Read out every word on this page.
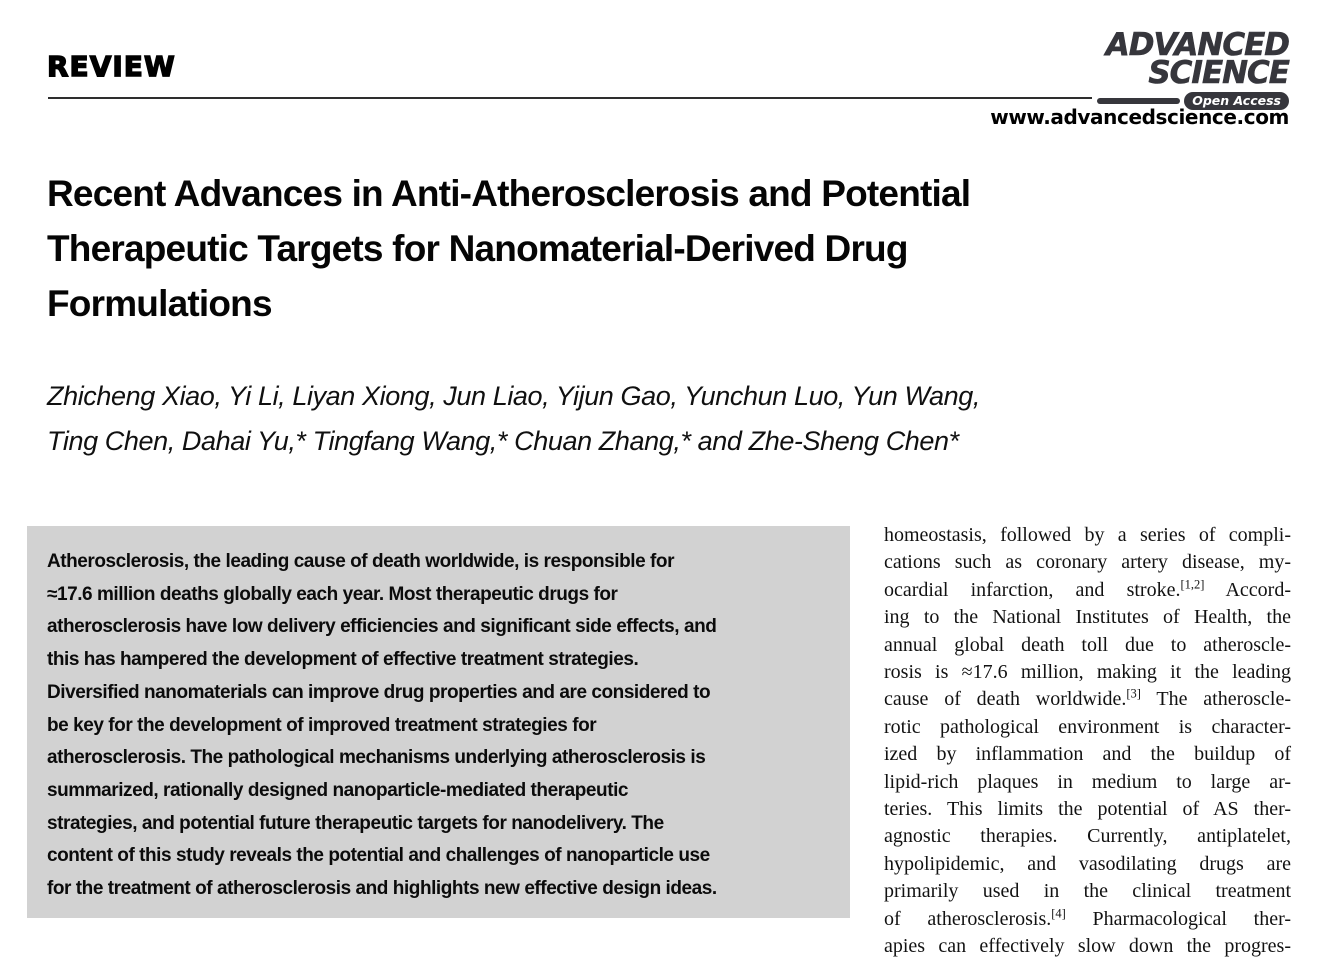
REVIEW
ADVANCED
SCIENCE
Open Access
www.advancedscience.com
Recent Advances in Anti-Atherosclerosis and Potential
Therapeutic Targets for Nanomaterial-Derived Drug
Formulations
Zhicheng Xiao, Yi Li, Liyan Xiong, Jun Liao, Yijun Gao, Yunchun Luo, Yun Wang,
Ting Chen, Dahai Yu,* Tingfang Wang,* Chuan Zhang,* and Zhe-Sheng Chen*
Atherosclerosis, the leading cause of death worldwide, is responsible for
≈17.6 million deaths globally each year. Most therapeutic drugs for
atherosclerosis have low delivery efficiencies and significant side effects, and
this has hampered the development of effective treatment strategies.
Diversified nanomaterials can improve drug properties and are considered to
be key for the development of improved treatment strategies for
atherosclerosis. The pathological mechanisms underlying atherosclerosis is
summarized, rationally designed nanoparticle-mediated therapeutic
strategies, and potential future therapeutic targets for nanodelivery. The
content of this study reveals the potential and challenges of nanoparticle use
for the treatment of atherosclerosis and highlights new effective design ideas.
homeostasis, followed by a series of compli-
cations such as coronary artery disease, my-
ocardial infarction, and stroke.[1,2] Accord-
ing to the National Institutes of Health, the
annual global death toll due to atheroscle-
rosis is ≈17.6 million, making it the leading
cause of death worldwide.[3] The atheroscle-
rotic pathological environment is character-
ized by inflammation and the buildup of
lipid-rich plaques in medium to large ar-
teries. This limits the potential of AS ther-
agnostic therapies. Currently, antiplatelet,
hypolipidemic, and vasodilating drugs are
primarily used in the clinical treatment
of atherosclerosis.[4] Pharmacological ther-
apies can effectively slow down the progres-
